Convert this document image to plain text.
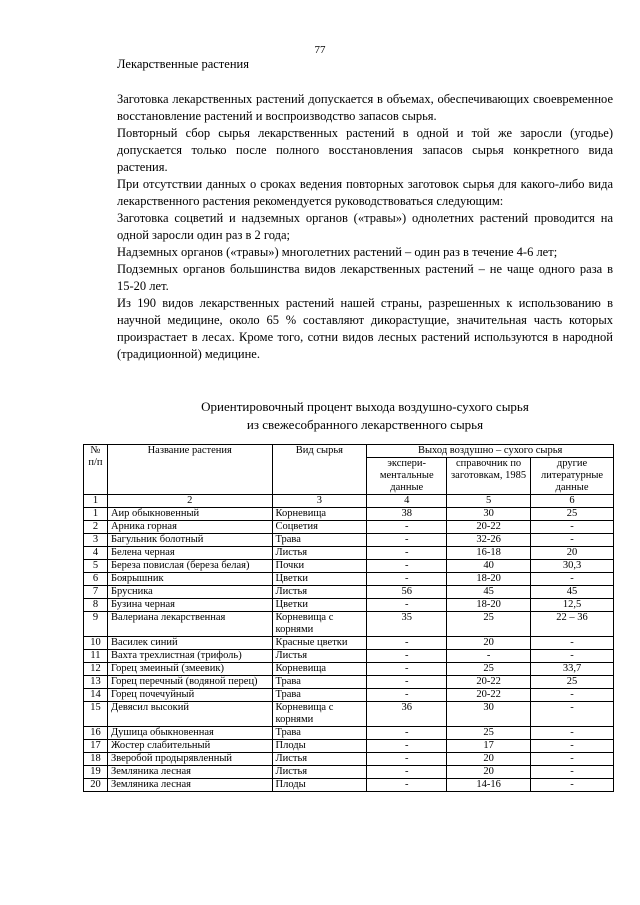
77
Лекарственные растения

Заготовка лекарственных растений допускается в объемах, обеспечивающих своевременное восстановление растений и воспроизводство запасов сырья.

Повторный сбор сырья лекарственных растений в одной и той же заросли (угодье) допускается только после полного восстановления запасов сырья конкретного вида растения.

При отсутствии данных о сроках ведения повторных заготовок сырья для какого-либо вида лекарственного растения рекомендуется руководствоваться следующим:

Заготовка соцветий и надземных органов («травы») однолетних растений проводится на одной заросли один раз в 2 года;

Надземных органов («травы») многолетних растений – один раз в течение 4-6 лет;

Подземных органов большинства видов лекарственных растений – не чаще одного раза в 15-20 лет.

Из 190 видов лекарственных растений нашей страны, разрешенных к использованию в научной медицине, около 65 % составляют дикорастущие, значительная часть которых произрастает в лесах. Кроме того, сотни видов лесных растений используются в народной (традиционной) медицине.

Ориентировочный процент выхода воздушно-сухого сырья
из свежесобранного лекарственного сырья
№ п/п	Название растения	Вид сырья	Выход воздушно – сухого сырья		
			экспери-ментальные данные	справочник по заготовкам, 1985	другие литературные данные
1	2	3	4	5	6
1	Аир обыкновенный	Корневища	38	30	25
2	Арника горная	Соцветия	-	20-22	-
3	Багульник болотный	Трава	-	32-26	-
4	Белена черная	Листья	-	16-18	20
5	Береза повислая (береза белая)	Почки	-	40	30,3
6	Боярышник	Цветки	-	18-20	-
7	Брусника	Листья	56	45	45
8	Бузина черная	Цветки	-	18-20	12,5
9	Валериана лекарственная	Корневища с корнями	35	25	22 – 36
10	Василек синий	Красные цветки	-	20	-
11	Вахта трехлистная (трифоль)	Листья	-	-	-
12	Горец змеиный (змеевик)	Корневища	-	25	33,7
13	Горец перечный (водяной перец)	Трава	-	20-22	25
14	Горец почечуйный	Трава	-	20-22	-
15	Девясил высокий	Корневища с корнями	36	30	-
16	Душица обыкновенная	Трава	-	25	-
17	Жостер слабительный	Плоды	-	17	-
18	Зверобой продырявленный	Листья	-	20	-
19	Земляника лесная	Листья	-	20	-
20	Земляника лесная	Плоды	-	14-16	-
